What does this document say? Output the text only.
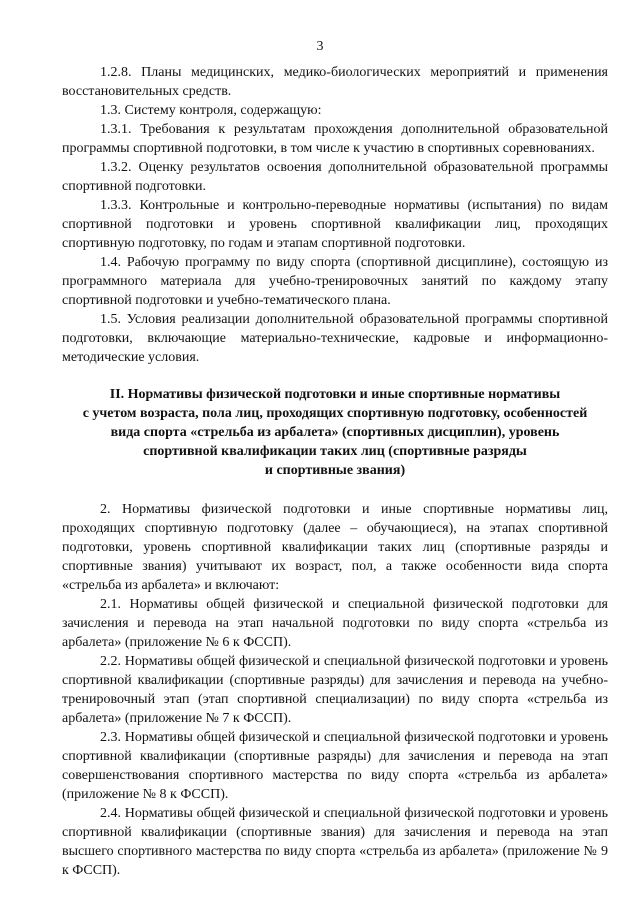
3

1.2.8. Планы медицинских, медико-биологических мероприятий и применения восстановительных средств.

1.3. Систему контроля, содержащую:

1.3.1. Требования к результатам прохождения дополнительной образовательной программы спортивной подготовки, в том числе к участию в спортивных соревнованиях.

1.3.2. Оценку результатов освоения дополнительной образовательной программы спортивной подготовки.

1.3.3. Контрольные и контрольно-переводные нормативы (испытания) по видам спортивной подготовки и уровень спортивной квалификации лиц, проходящих спортивную подготовку, по годам и этапам спортивной подготовки.

1.4. Рабочую программу по виду спорта (спортивной дисциплине), состоящую из программного материала для учебно-тренировочных занятий по каждому этапу спортивной подготовки и учебно-тематического плана.

1.5. Условия реализации дополнительной образовательной программы спортивной подготовки, включающие материально-технические, кадровые и информационно-методические условия.

II. Нормативы физической подготовки и иные спортивные нормативы
с учетом возраста, пола лиц, проходящих спортивную подготовку, особенностей
вида спорта «стрельба из арбалета» (спортивных дисциплин), уровень
спортивной квалификации таких лиц (спортивные разряды
и спортивные звания)

2. Нормативы физической подготовки и иные спортивные нормативы лиц, проходящих спортивную подготовку (далее – обучающиеся), на этапах спортивной подготовки, уровень спортивной квалификации таких лиц (спортивные разряды и спортивные звания) учитывают их возраст, пол, а также особенности вида спорта «стрельба из арбалета» и включают:

2.1. Нормативы общей физической и специальной физической подготовки для зачисления и перевода на этап начальной подготовки по виду спорта «стрельба из арбалета» (приложение № 6 к ФССП).

2.2. Нормативы общей физической и специальной физической подготовки и уровень спортивной квалификации (спортивные разряды) для зачисления и перевода на учебно-тренировочный этап (этап спортивной специализации) по виду спорта «стрельба из арбалета» (приложение № 7 к ФССП).

2.3. Нормативы общей физической и специальной физической подготовки и уровень спортивной квалификации (спортивные разряды) для зачисления и перевода на этап совершенствования спортивного мастерства по виду спорта «стрельба из арбалета» (приложение № 8 к ФССП).

2.4. Нормативы общей физической и специальной физической подготовки и уровень спортивной квалификации (спортивные звания) для зачисления и перевода на этап высшего спортивного мастерства по виду спорта «стрельба из арбалета» (приложение № 9 к ФССП).
